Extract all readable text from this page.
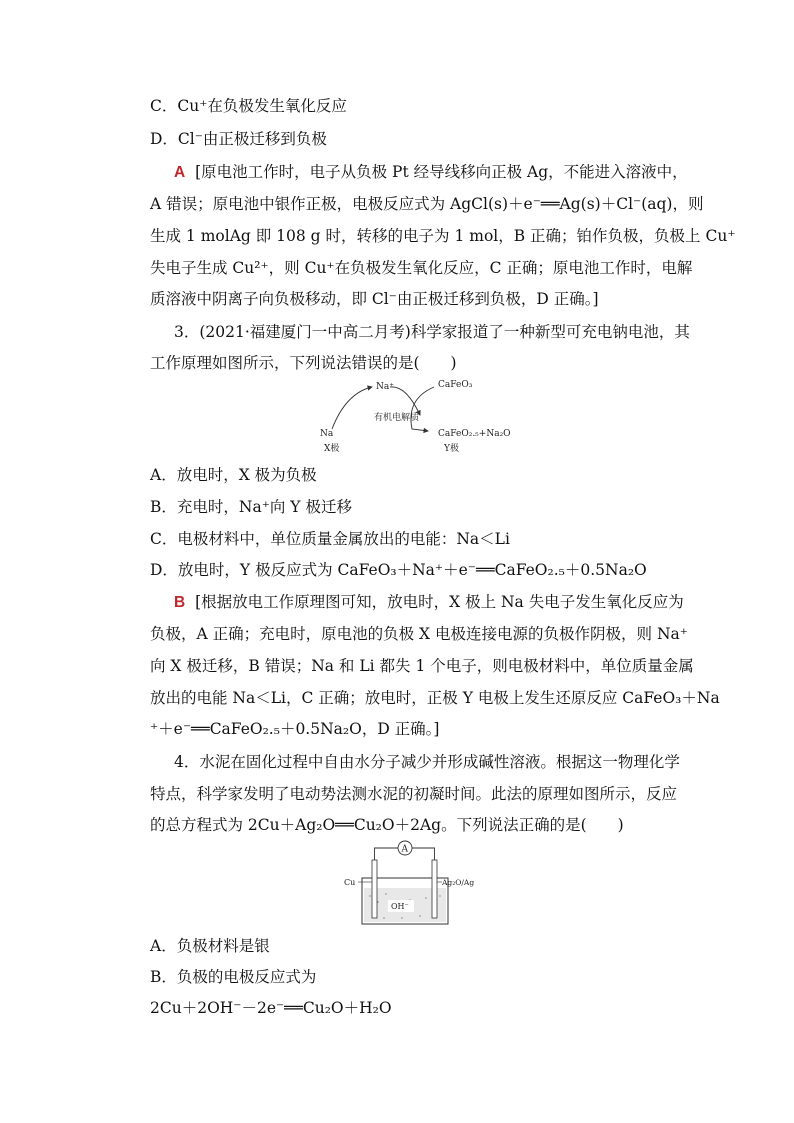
C．Cu⁺在负极发生氧化反应
D．Cl⁻由正极迁移到负极
A [原电池工作时，电子从负极 Pt 经导线移向正极 Ag，不能进入溶液中，
A 错误；原电池中银作正极，电极反应式为 AgCl(s)＋e⁻══Ag(s)＋Cl⁻(aq)，则
生成 1 molAg 即 108 g 时，转移的电子为 1 mol，B 正确；铂作负极，负极上 Cu⁺
失电子生成 Cu²⁺，则 Cu⁺在负极发生氧化反应，C 正确；原电池工作时，电解
质溶液中阴离子向负极移动，即 Cl⁻由正极迁移到负极，D 正确。]
3．(2021·福建厦门一中高二月考)科学家报道了一种新型可充电钠电池，其
工作原理如图所示，下列说法错误的是(　　)
Na⁺	CaFeO₃
有机电解质
Na
X极
CaFeO₂.₅+Na₂O
Y极
A．放电时，X 极为负极
B．充电时，Na⁺向 Y 极迁移
C．电极材料中，单位质量金属放出的电能：Na＜Li
D．放电时，Y 极反应式为 CaFeO₃＋Na⁺＋e⁻══CaFeO₂.₅＋0.5Na₂O
B [根据放电工作原理图可知，放电时，X 极上 Na 失电子发生氧化反应为
负极，A 正确；充电时，原电池的负极 X 电极连接电源的负极作阴极，则 Na⁺
向 X 极迁移，B 错误；Na 和 Li 都失 1 个电子，则电极材料中，单位质量金属
放出的电能 Na＜Li，C 正确；放电时，正极 Y 电极上发生还原反应 CaFeO₃＋Na
⁺＋e⁻══CaFeO₂.₅＋0.5Na₂O，D 正确。]
4．水泥在固化过程中自由水分子减少并形成碱性溶液。根据这一物理化学
特点，科学家发明了电动势法测水泥的初凝时间。此法的原理如图所示，反应
的总方程式为 2Cu＋Ag₂O══Cu₂O＋2Ag。下列说法正确的是(　　)
A
Cu	Ag₂O/Ag
OH⁻
A．负极材料是银
B．负极的电极反应式为
2Cu＋2OH⁻－2e⁻══Cu₂O＋H₂O
